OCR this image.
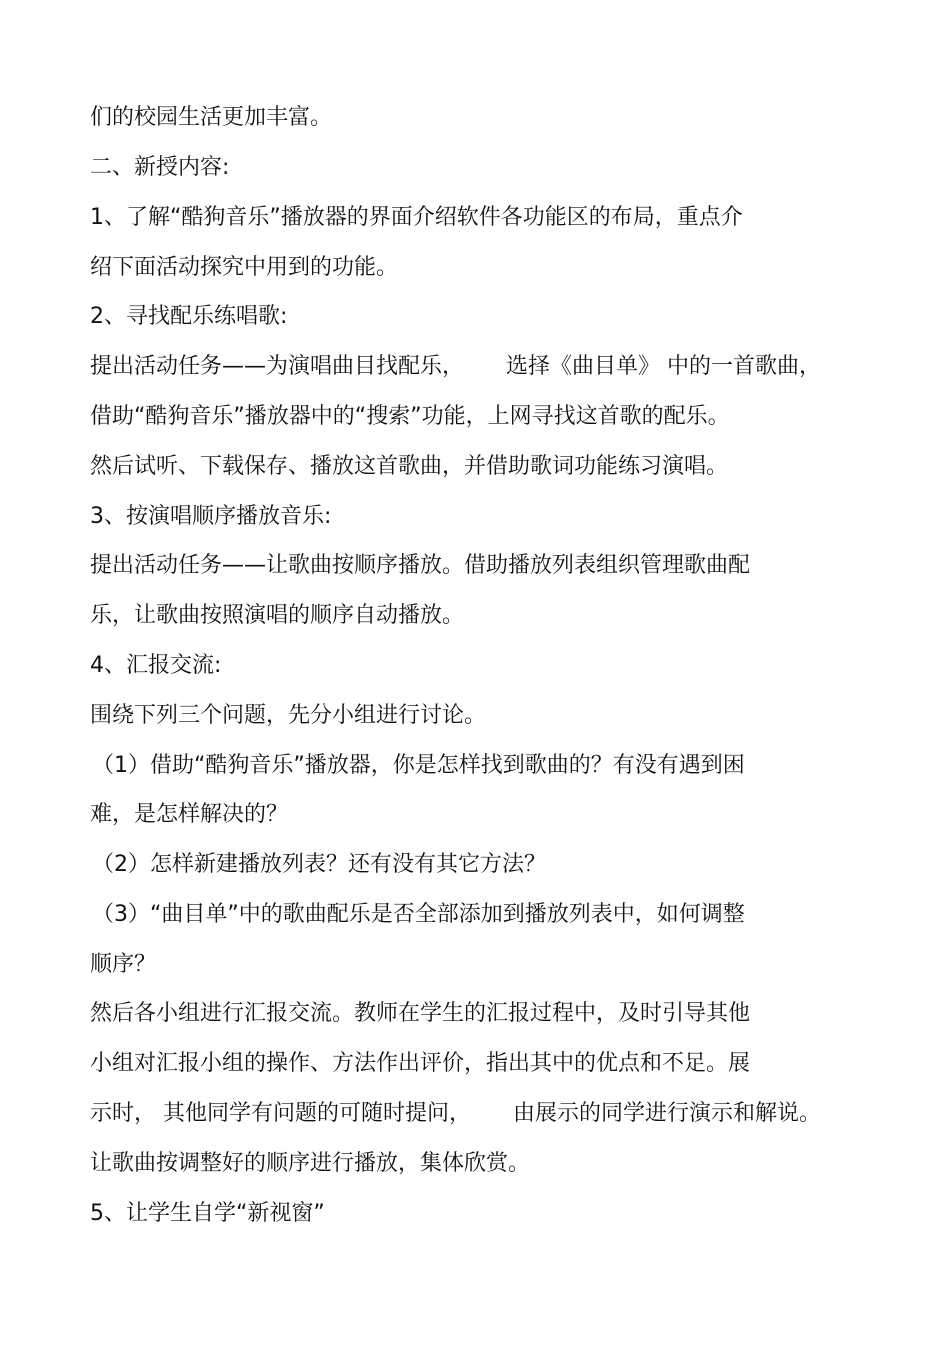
们的校园生活更加丰富。
二、新授内容:
1、了解“酷狗音乐”播放器的界面介绍软件各功能区的布局，重点介
绍下面活动探究中用到的功能。
2、寻找配乐练唱歌:
提出活动任务——为演唱曲目找配乐，      选择《曲目单》 中的一首歌曲，
借助“酷狗音乐”播放器中的“搜索”功能，上网寻找这首歌的配乐。
然后试听、下载保存、播放这首歌曲，并借助歌词功能练习演唱。
3、按演唱顺序播放音乐:
提出活动任务——让歌曲按顺序播放。借助播放列表组织管理歌曲配
乐，让歌曲按照演唱的顺序自动播放。
4、汇报交流:
围绕下列三个问题，先分小组进行讨论。
（1）借助“酷狗音乐”播放器，你是怎样找到歌曲的？有没有遇到困
难，是怎样解决的？
（2）怎样新建播放列表？还有没有其它方法？
（3）“曲目单”中的歌曲配乐是否全部添加到播放列表中，如何调整
顺序？
然后各小组进行汇报交流。教师在学生的汇报过程中，及时引导其他
小组对汇报小组的操作、方法作出评价，指出其中的优点和不足。展
示时， 其他同学有问题的可随时提问，      由展示的同学进行演示和解说。
让歌曲按调整好的顺序进行播放，集体欣赏。
5、让学生自学“新视窗”
